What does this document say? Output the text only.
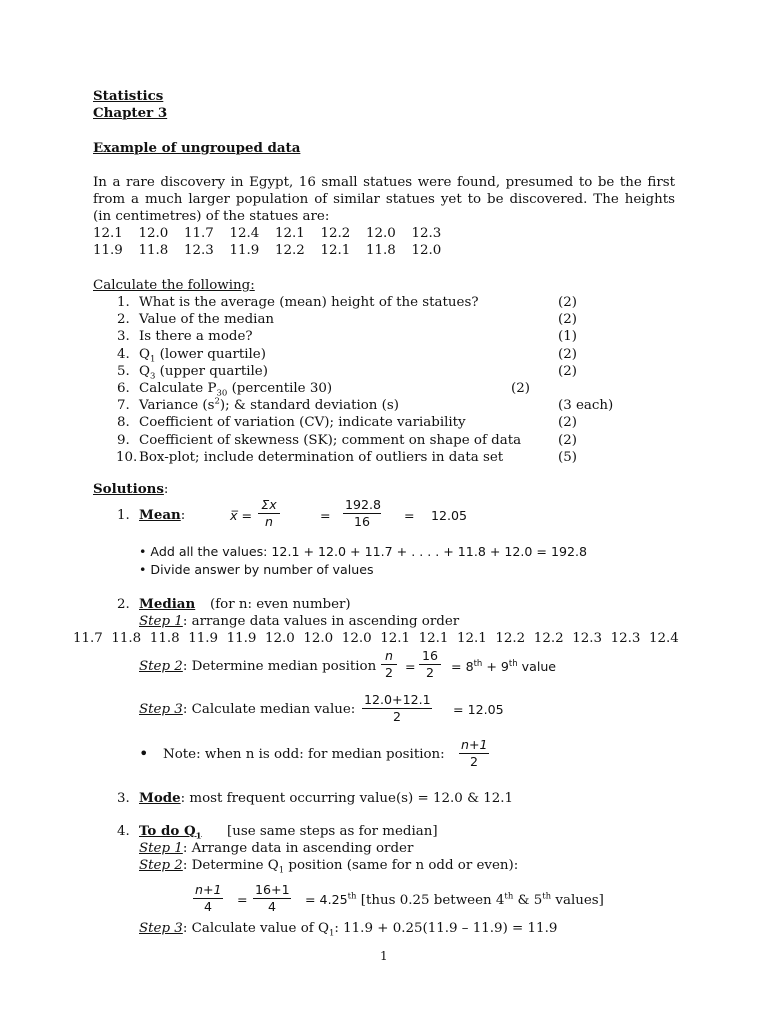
Statistics
Chapter 3
Example of ungrouped data
In a rare discovery in Egypt, 16 small statues were found, presumed to be the first from a much larger population of similar statues yet to be discovered. The heights (in centimetres) of the statues are:
12.1 12.0 11.7 12.4 12.1 12.2 12.0 12.3
11.9 11.8 12.3 11.9 12.2 12.1 11.8 12.0
Calculate the following:
1. What is the average (mean) height of the statues?	(2)
2. Value of the median	(2)
3. Is there a mode?	(1)
4. $Q_1$ (lower quartile)	(2)
5. $Q_3$ (upper quartile)	(2)
6. Calculate $P_{30}$ (percentile 30)	(2)
7. Variance $(s^2)$; & standard deviation (s)	(3 each)
8. Coefficient of variation (CV); indicate variability	(2)
9. Coefficient of skewness (SK); comment on shape of data	(2)
10. Box-plot; include determination of outliers in data set	(5)
Solutions:
1. Mean:	x̅ =
Σx
n	=
192.8
16	= 12.05
• Add all the values: 12.1 + 12.0 + 11.7 + . . . . + 11.8 + 12.0 = 192.8
• Divide answer by number of values
2. Median (for n: even number)
Step 1: arrange data values in ascending order
11.7 11.8 11.8 11.9 11.9 12.0 12.0 12.0 12.1 12.1 12.1 12.2 12.2 12.3 12.3 12.4
Step 2: Determine median position
n
2 =
16
2	= 8th + 9th value
Step 3: Calculate median value:
12.0+12.1
2	= 12.05
• Note: when n is odd: for median position:
n+1
2
3. Mode: most frequent occurring value(s) = 12.0 & 12.1
4. To do $Q_1$ [use same steps as for median]
Step 1: Arrange data in ascending order
Step 2: Determine $Q_1$ position (same for n odd or even):
n+1
4	=
16+1
4	= 4.25th [thus 0.25 between 4th & 5th values]
Step 3: Calculate value of $Q_1$: 11.9 + 0.25(11.9 – 11.9) = 11.9
1
